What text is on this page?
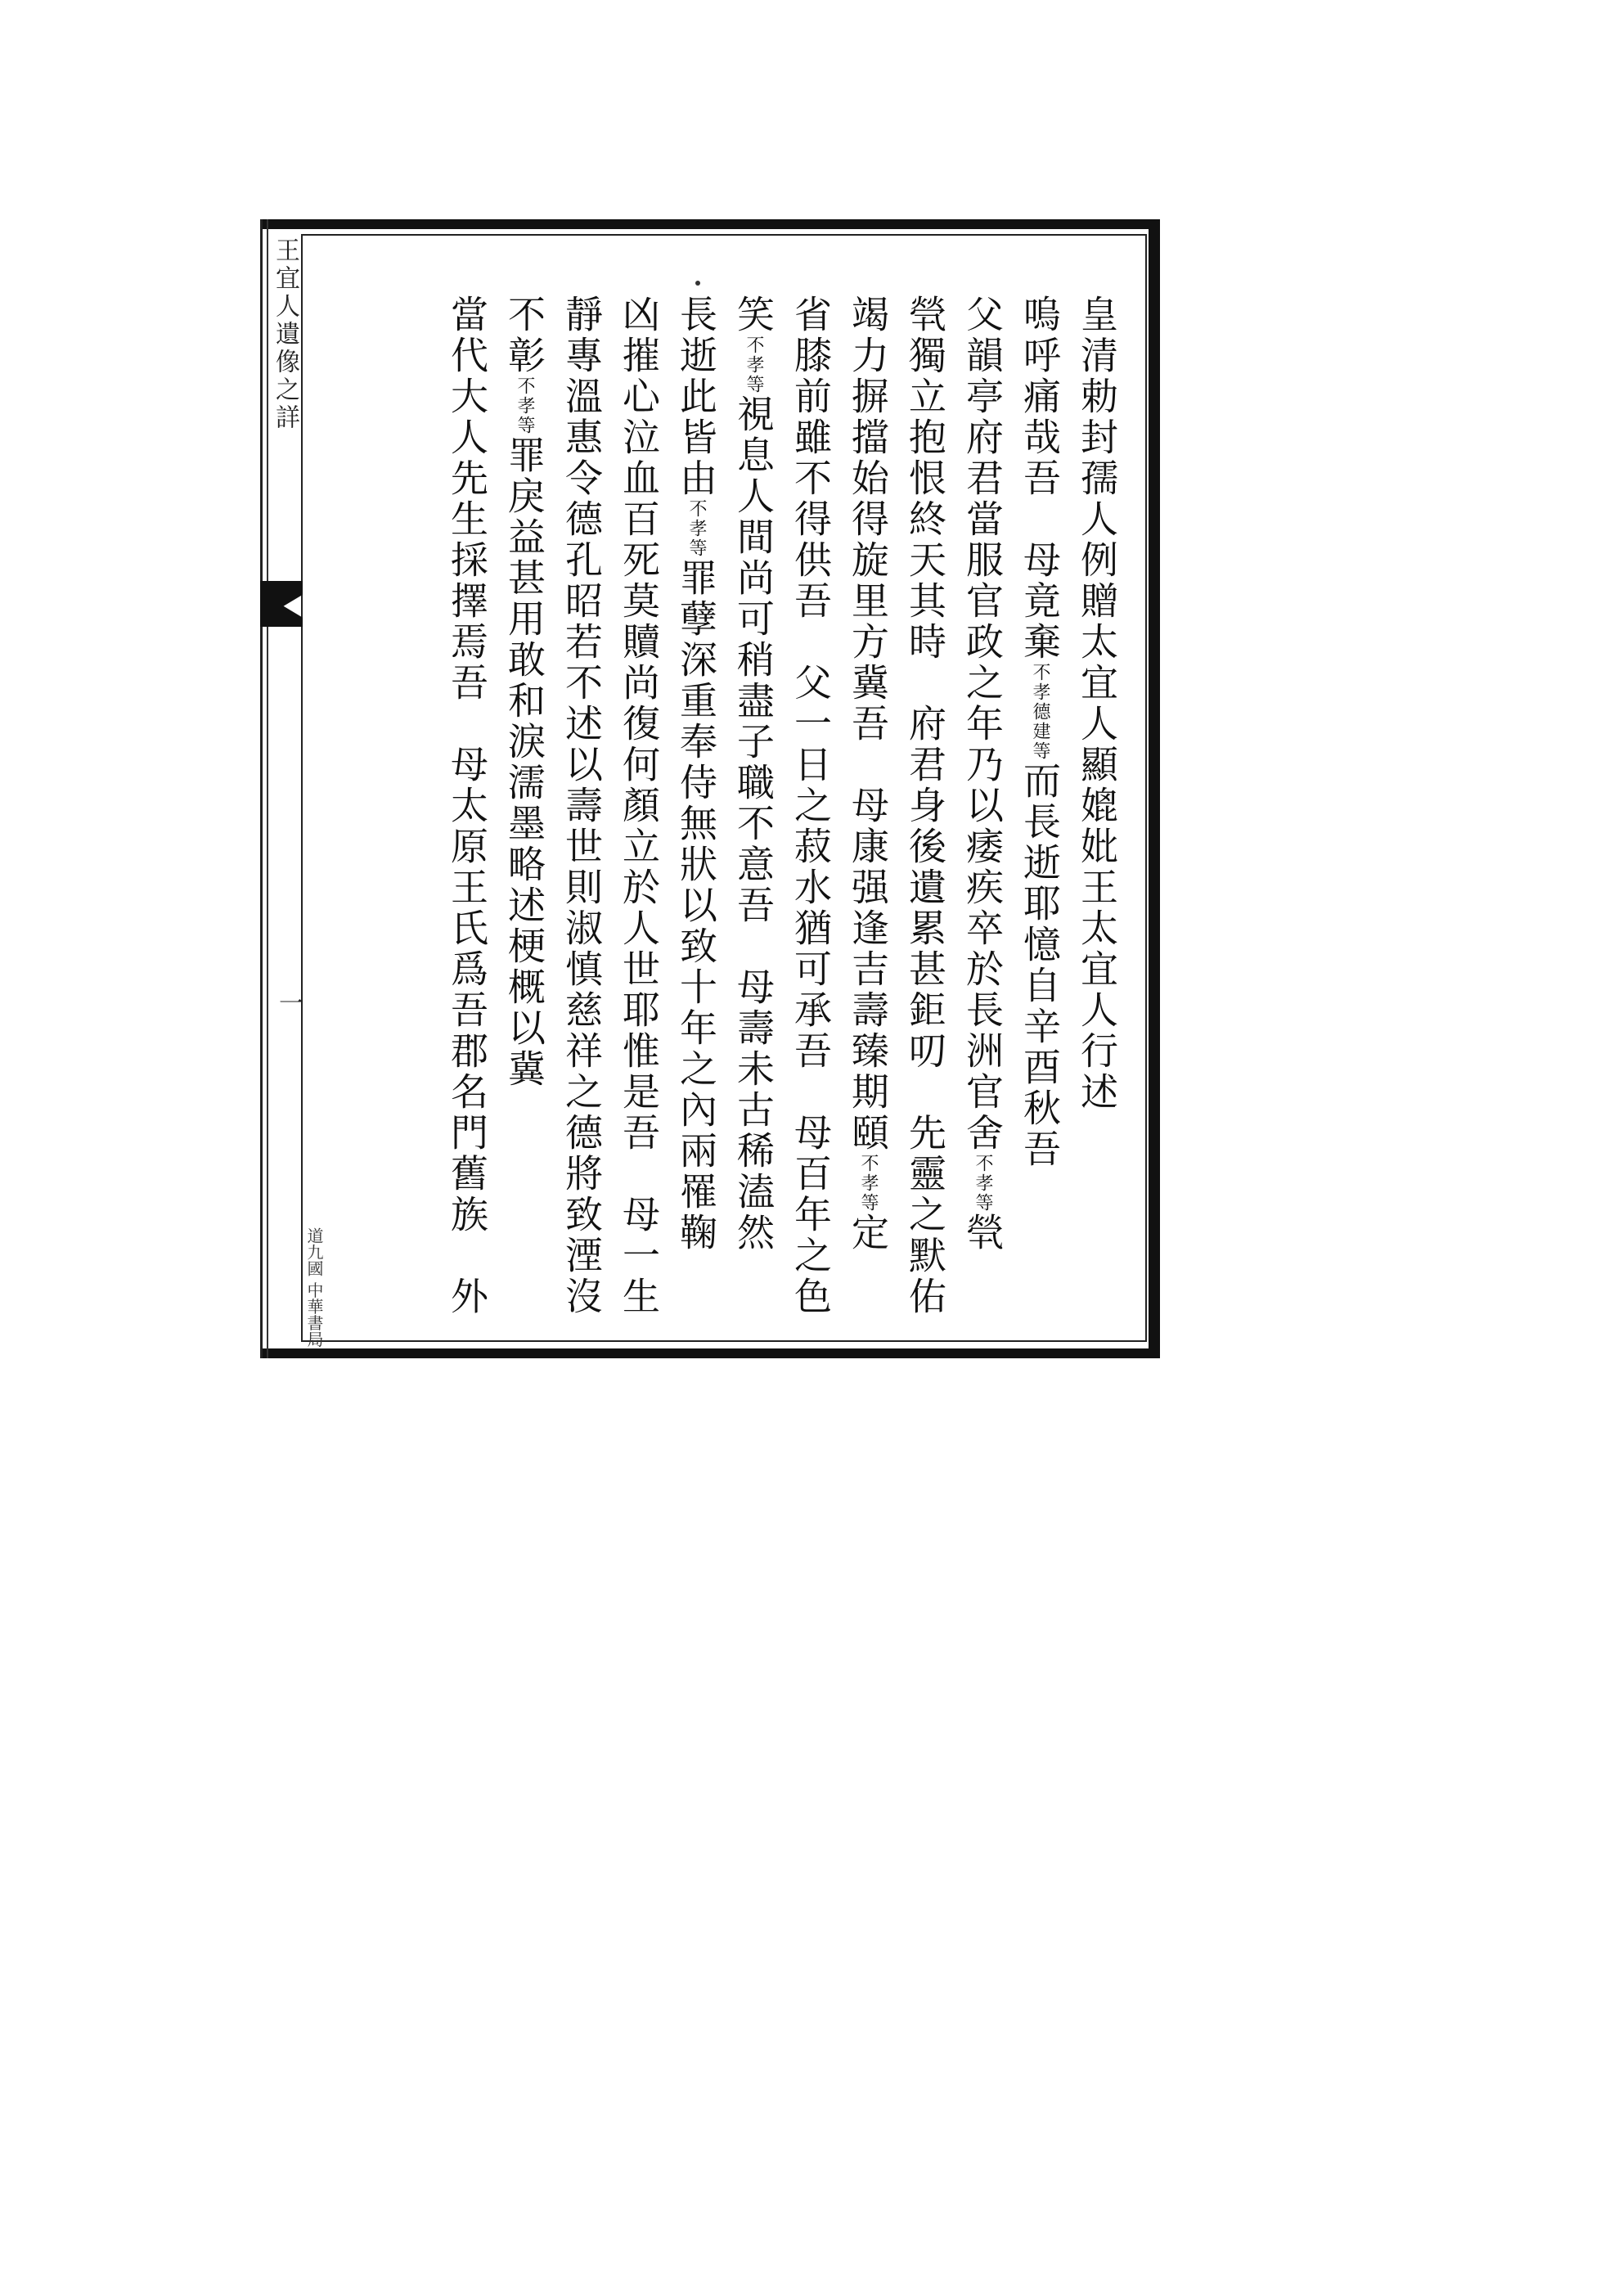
王宜人遺像之詳
一
道九國 中華書局
皇清勅封孺人例贈太宜人顯媲妣王太宜人行述
嗚呼痛哉吾　母竟棄不孝德建等而長逝耶憶自辛酉秋吾
父韻亭府君當服官政之年乃以痿疾卒於長洲官舍不孝等煢
煢獨立抱恨終天其時　府君身後遺累甚鉅叨　先靈之默佑
竭力摒擋始得旋里方冀吾　母康强逢吉壽臻期頤不孝等定
省膝前雖不得供吾　父一日之菽水猶可承吾　母百年之色
笑不孝等視息人間尚可稍盡子職不意吾　母壽未古稀溘然
長逝此皆由不孝等罪孽深重奉侍無狀以致十年之內兩罹鞠
凶摧心泣血百死莫贖尚復何顏立於人世耶惟是吾　母一生
靜專溫惠令德孔昭若不述以壽世則淑慎慈祥之德將致湮沒
不彰不孝等罪戾益甚用敢和淚濡墨略述梗概以冀
當代大人先生採擇焉吾　母太原王氏爲吾郡名門舊族　外
